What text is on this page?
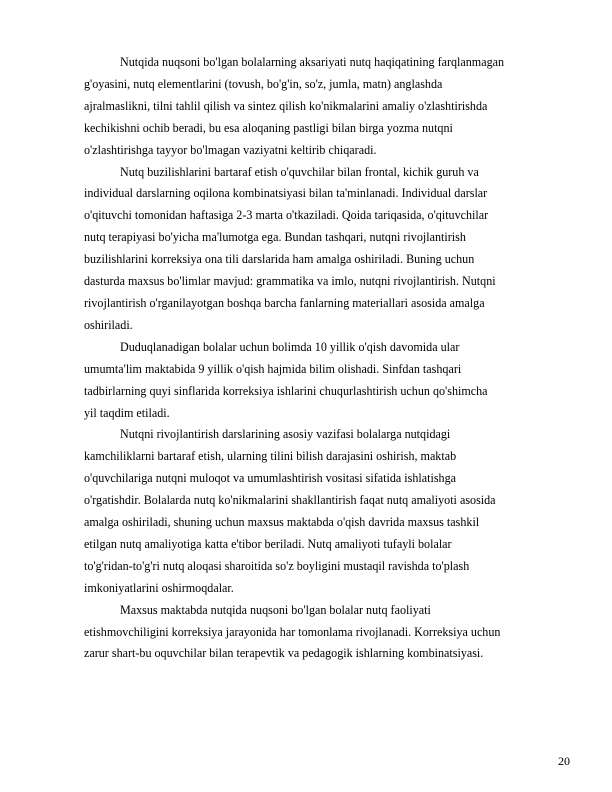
Nutqida nuqsoni bo'lgan bolalarning aksariyati nutq haqiqatining farqlanmagan
g'oyasini, nutq elementlarini (tovush, bo'g'in, so'z, jumla, matn) anglashda
ajralmaslikni, tilni tahlil qilish va sintez qilish ko'nikmalarini amaliy o'zlashtirishda
kechikishni ochib beradi, bu esa aloqaning pastligi bilan birga yozma nutqni
o'zlashtirishga tayyor bo'lmagan vaziyatni keltirib chiqaradi.

Nutq buzilishlarini bartaraf etish o'quvchilar bilan frontal, kichik guruh va
individual darslarning oqilona kombinatsiyasi bilan ta'minlanadi. Individual darslar
o'qituvchi tomonidan haftasiga 2-3 marta o'tkaziladi. Qoida tariqasida, o'qituvchilar
nutq terapiyasi bo'yicha ma'lumotga ega. Bundan tashqari, nutqni rivojlantirish
buzilishlarini korreksiya ona tili darslarida ham amalga oshiriladi. Buning uchun
dasturda maxsus bo'limlar mavjud: grammatika va imlo, nutqni rivojlantirish. Nutqni
rivojlantirish o'rganilayotgan boshqa barcha fanlarning materiallari asosida amalga
oshiriladi.

Duduqlanadigan bolalar uchun bolimda 10 yillik o'qish davomida ular
umumta'lim maktabida 9 yillik o'qish hajmida bilim olishadi. Sinfdan tashqari
tadbirlarning quyi sinflarida korreksiya ishlarini chuqurlashtirish uchun qo'shimcha
yil taqdim etiladi.

Nutqni rivojlantirish darslarining asosiy vazifasi bolalarga nutqidagi
kamchiliklarni bartaraf etish, ularning tilini bilish darajasini oshirish, maktab
o'quvchilariga nutqni muloqot va umumlashtirish vositasi sifatida ishlatishga
o'rgatishdir. Bolalarda nutq ko'nikmalarini shakllantirish faqat nutq amaliyoti asosida
amalga oshiriladi, shuning uchun maxsus maktabda o'qish davrida maxsus tashkil
etilgan nutq amaliyotiga katta e'tibor beriladi. Nutq amaliyoti tufayli bolalar
to'g'ridan-to'g'ri nutq aloqasi sharoitida so'z boyligini mustaqil ravishda to'plash
imkoniyatlarini oshirmoqdalar.

Maxsus maktabda nutqida nuqsoni bo'lgan bolalar nutq faoliyati
etishmovchiligini korreksiya jarayonida har tomonlama rivojlanadi. Korreksiya uchun
zarur shart-bu oquvchilar bilan terapevtik va pedagogik ishlarning kombinatsiyasi.

20
